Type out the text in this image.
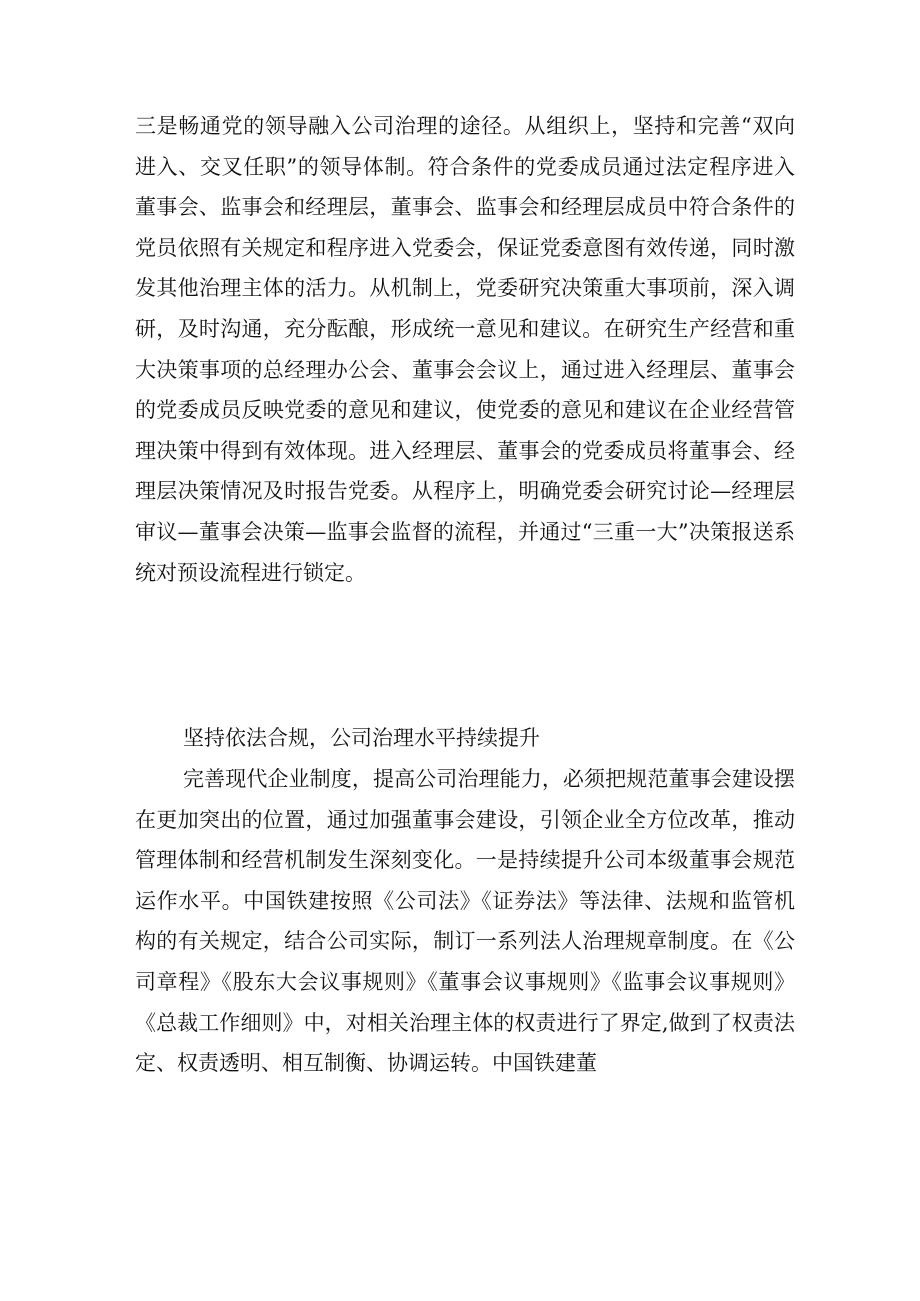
三是畅通党的领导融入公司治理的途径。从组织上，坚持和完善“双向进入、交叉任职”的领导体制。符合条件的党委成员通过法定程序进入董事会、监事会和经理层，董事会、监事会和经理层成员中符合条件的党员依照有关规定和程序进入党委会，保证党委意图有效传递，同时激发其他治理主体的活力。从机制上，党委研究决策重大事项前，深入调研，及时沟通，充分酝酿，形成统一意见和建议。在研究生产经营和重大决策事项的总经理办公会、董事会会议上，通过进入经理层、董事会的党委成员反映党委的意见和建议，使党委的意见和建议在企业经营管理决策中得到有效体现。进入经理层、董事会的党委成员将董事会、经理层决策情况及时报告党委。从程序上，明确党委会研究讨论—经理层审议—董事会决策—监事会监督的流程，并通过“三重一大”决策报送系统对预设流程进行锁定。

坚持依法合规，公司治理水平持续提升

完善现代企业制度，提高公司治理能力，必须把规范董事会建设摆在更加突出的位置，通过加强董事会建设，引领企业全方位改革，推动管理体制和经营机制发生深刻变化。一是持续提升公司本级董事会规范运作水平。中国铁建按照《公司法》《证券法》等法律、法规和监管机构的有关规定，结合公司实际，制订一系列法人治理规章制度。在《公司章程》《股东大会议事规则》《董事会议事规则》《监事会议事规则》《总裁工作细则》中，对相关治理主体的权责进行了界定,做到了权责法定、权责透明、相互制衡、协调运转。中国铁建董
